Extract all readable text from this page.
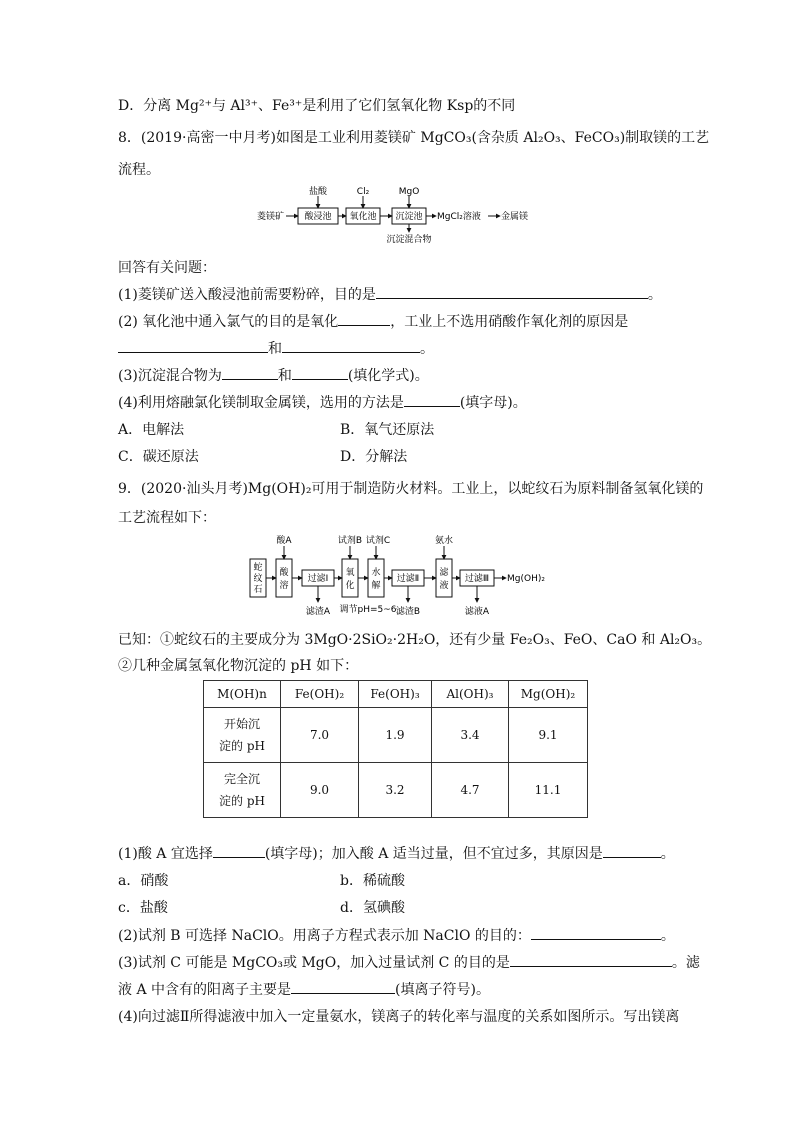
D．分离 Mg²⁺与 Al³⁺、Fe³⁺是利用了它们氢氧化物 Ksp的不同
8．(2019·高密一中月考)如图是工业利用菱镁矿 MgCO₃(含杂质 Al₂O₃、FeCO₃)制取镁的工艺
流程。
菱镁矿 酸浸池 氧化池 沉淀池 MgCl₂溶液 金属镁
盐酸	Cl₂	MgO
沉淀混合物
回答有关问题：
(1)菱镁矿送入酸浸池前需要粉碎，目的是	。
(2) 氧化池中通入氯气的目的是氧化	，工业上不选用硝酸作氧化剂的原因是
和	。
(3)沉淀混合物为	和	(填化学式)。
(4)利用熔融氯化镁制取金属镁，选用的方法是	(填字母)。
A．电解法	B．氧气还原法
C．碳还原法	D．分解法
9．(2020·汕头月考)Mg(OH)₂可用于制造防火材料。工业上，以蛇纹石为原料制备氢氧化镁的
工艺流程如下：
蛇
纹
石
酸
溶
过滤Ⅰ
氧
化
水
解
过滤Ⅱ
滤
液
过滤Ⅲ Mg(OH)₂
酸A	试剂B 试剂C	氨水
滤渣A 调节pH=5~6 滤渣B	滤液A
已知：①蛇纹石的主要成分为 3MgO·2SiO₂·2H₂O，还有少量 Fe₂O₃、FeO、CaO 和 Al₂O₃。
②几种金属氢氧化物沉淀的 pH 如下：
M(OH)n	Fe(OH)₂	Fe(OH)₃	Al(OH)₃	Mg(OH)₂

开始沉
淀的 pH	7.0	1.9	3.4	9.1

完全沉
淀的 pH	9.0	3.2	4.7	11.1
(1)酸 A 宜选择	(填字母)；加入酸 A 适当过量，但不宜过多，其原因是	。
a．硝酸	b．稀硫酸
c．盐酸	d．氢碘酸
(2)试剂 B 可选择 NaClO。用离子方程式表示加 NaClO 的目的：	。
(3)试剂 C 可能是 MgCO₃或 MgO，加入过量试剂 C 的目的是	。滤
液 A 中含有的阳离子主要是	(填离子符号)。
(4)向过滤Ⅱ所得滤液中加入一定量氨水，镁离子的转化率与温度的关系如图所示。写出镁离
